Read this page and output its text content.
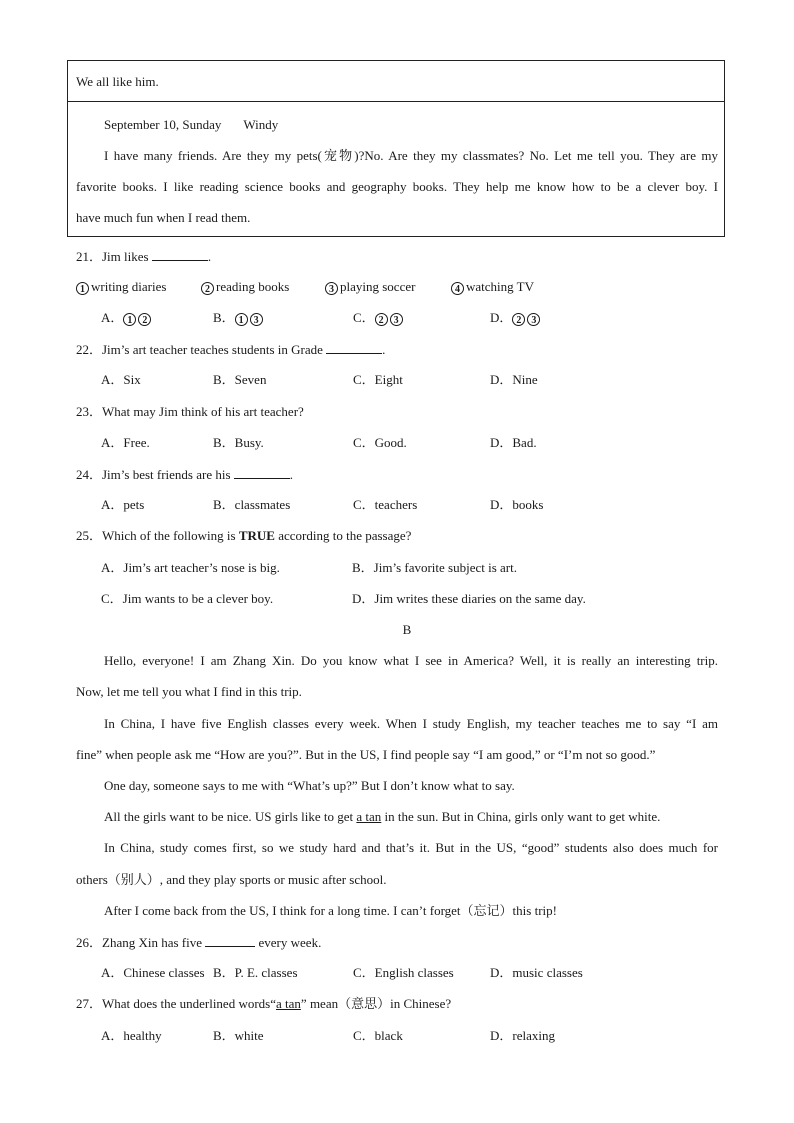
We all like him.
September 10, Sunday Windy
I have many friends. Are they my pets(宠物)?No. Are they my classmates? No. Let me tell you. They are my
favorite books. I like reading science books and geography books. They help me know how to be a clever boy. I
have much fun when I read them.
21．Jim likes	.
1 writing diaries	2 reading books	3 playing soccer	4 watching TV
A． 1 2	B． 1 3	C． 2 3	D． 2 3
22．Jim’s art teacher teaches students in Grade	.
A．Six	B．Seven	C．Eight	D．Nine
23．What may Jim think of his art teacher?
A．Free.	B．Busy.	C．Good.	D．Bad.
24．Jim’s best friends are his	.
A．pets	B．classmates	C．teachers	D．books
25．Which of the following is TRUE according to the passage?
A．Jim’s art teacher’s nose is big.	B．Jim’s favorite subject is art.
C．Jim wants to be a clever boy.	D．Jim writes these diaries on the same day.
B
Hello, everyone! I am Zhang Xin. Do you know what I see in America? Well, it is really an interesting trip.
Now, let me tell you what I find in this trip.
In China, I have five English classes every week. When I study English, my teacher teaches me to say “I am
fine” when people ask me “How are you?”. But in the US, I find people say “I am good,” or “I’m not so good.”
One day, someone says to me with “What’s up?” But I don’t know what to say.
All the girls want to be nice. US girls like to get a tan in the sun. But in China, girls only want to get white.
In China, study comes first, so we study hard and that’s it. But in the US, “good” students also does much for
others（别人）, and they play sports or music after school.
After I come back from the US, I think for a long time. I can’t forget（忘记）this trip!
26．Zhang Xin has five	every week.
A．Chinese classes B．P. E. classes	C．English classes	D．music classes
27．What does the underlined words“a tan” mean（意思）in Chinese?
A．healthy	B．white	C．black	D．relaxing
